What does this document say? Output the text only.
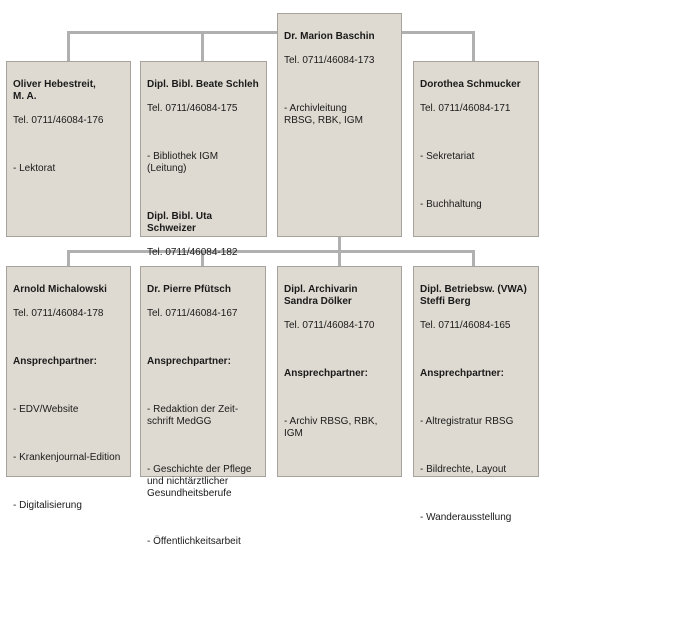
Dr. Marion Baschin

Tel. 0711/46084-173

- Archivleitung
RBSG, RBK, IGM

Oliver Hebestreit,
M. A.

Tel. 0711/46084-176

- Lektorat

Dipl. Bibl. Beate Schleh

Tel. 0711/46084-175

- Bibliothek IGM
(Leitung)

Dipl. Bibl. Uta
Schweizer

Tel. 0711/46084-182

Dorothea Schmucker

Tel. 0711/46084-171

- Sekretariat

- Buchhaltung

Arnold Michalowski

Tel. 0711/46084-178

Ansprechpartner:

- EDV/Website

- Krankenjournal-Edition

- Digitalisierung

Dr. Pierre Pfütsch

Tel. 0711/46084-167

Ansprechpartner:

- Redaktion der Zeit-
schrift MedGG

- Geschichte der Pflege
und nichtärztlicher
Gesundheitsberufe

- Öffentlichkeitsarbeit

Dipl. Archivarin
Sandra Dölker

Tel. 0711/46084-170

Ansprechpartner:

- Archiv RBSG, RBK, IGM

Dipl. Betriebsw. (VWA)
Steffi Berg

Tel. 0711/46084-165

Ansprechpartner:

- Altregistratur RBSG

- Bildrechte, Layout

- Wanderausstellung
